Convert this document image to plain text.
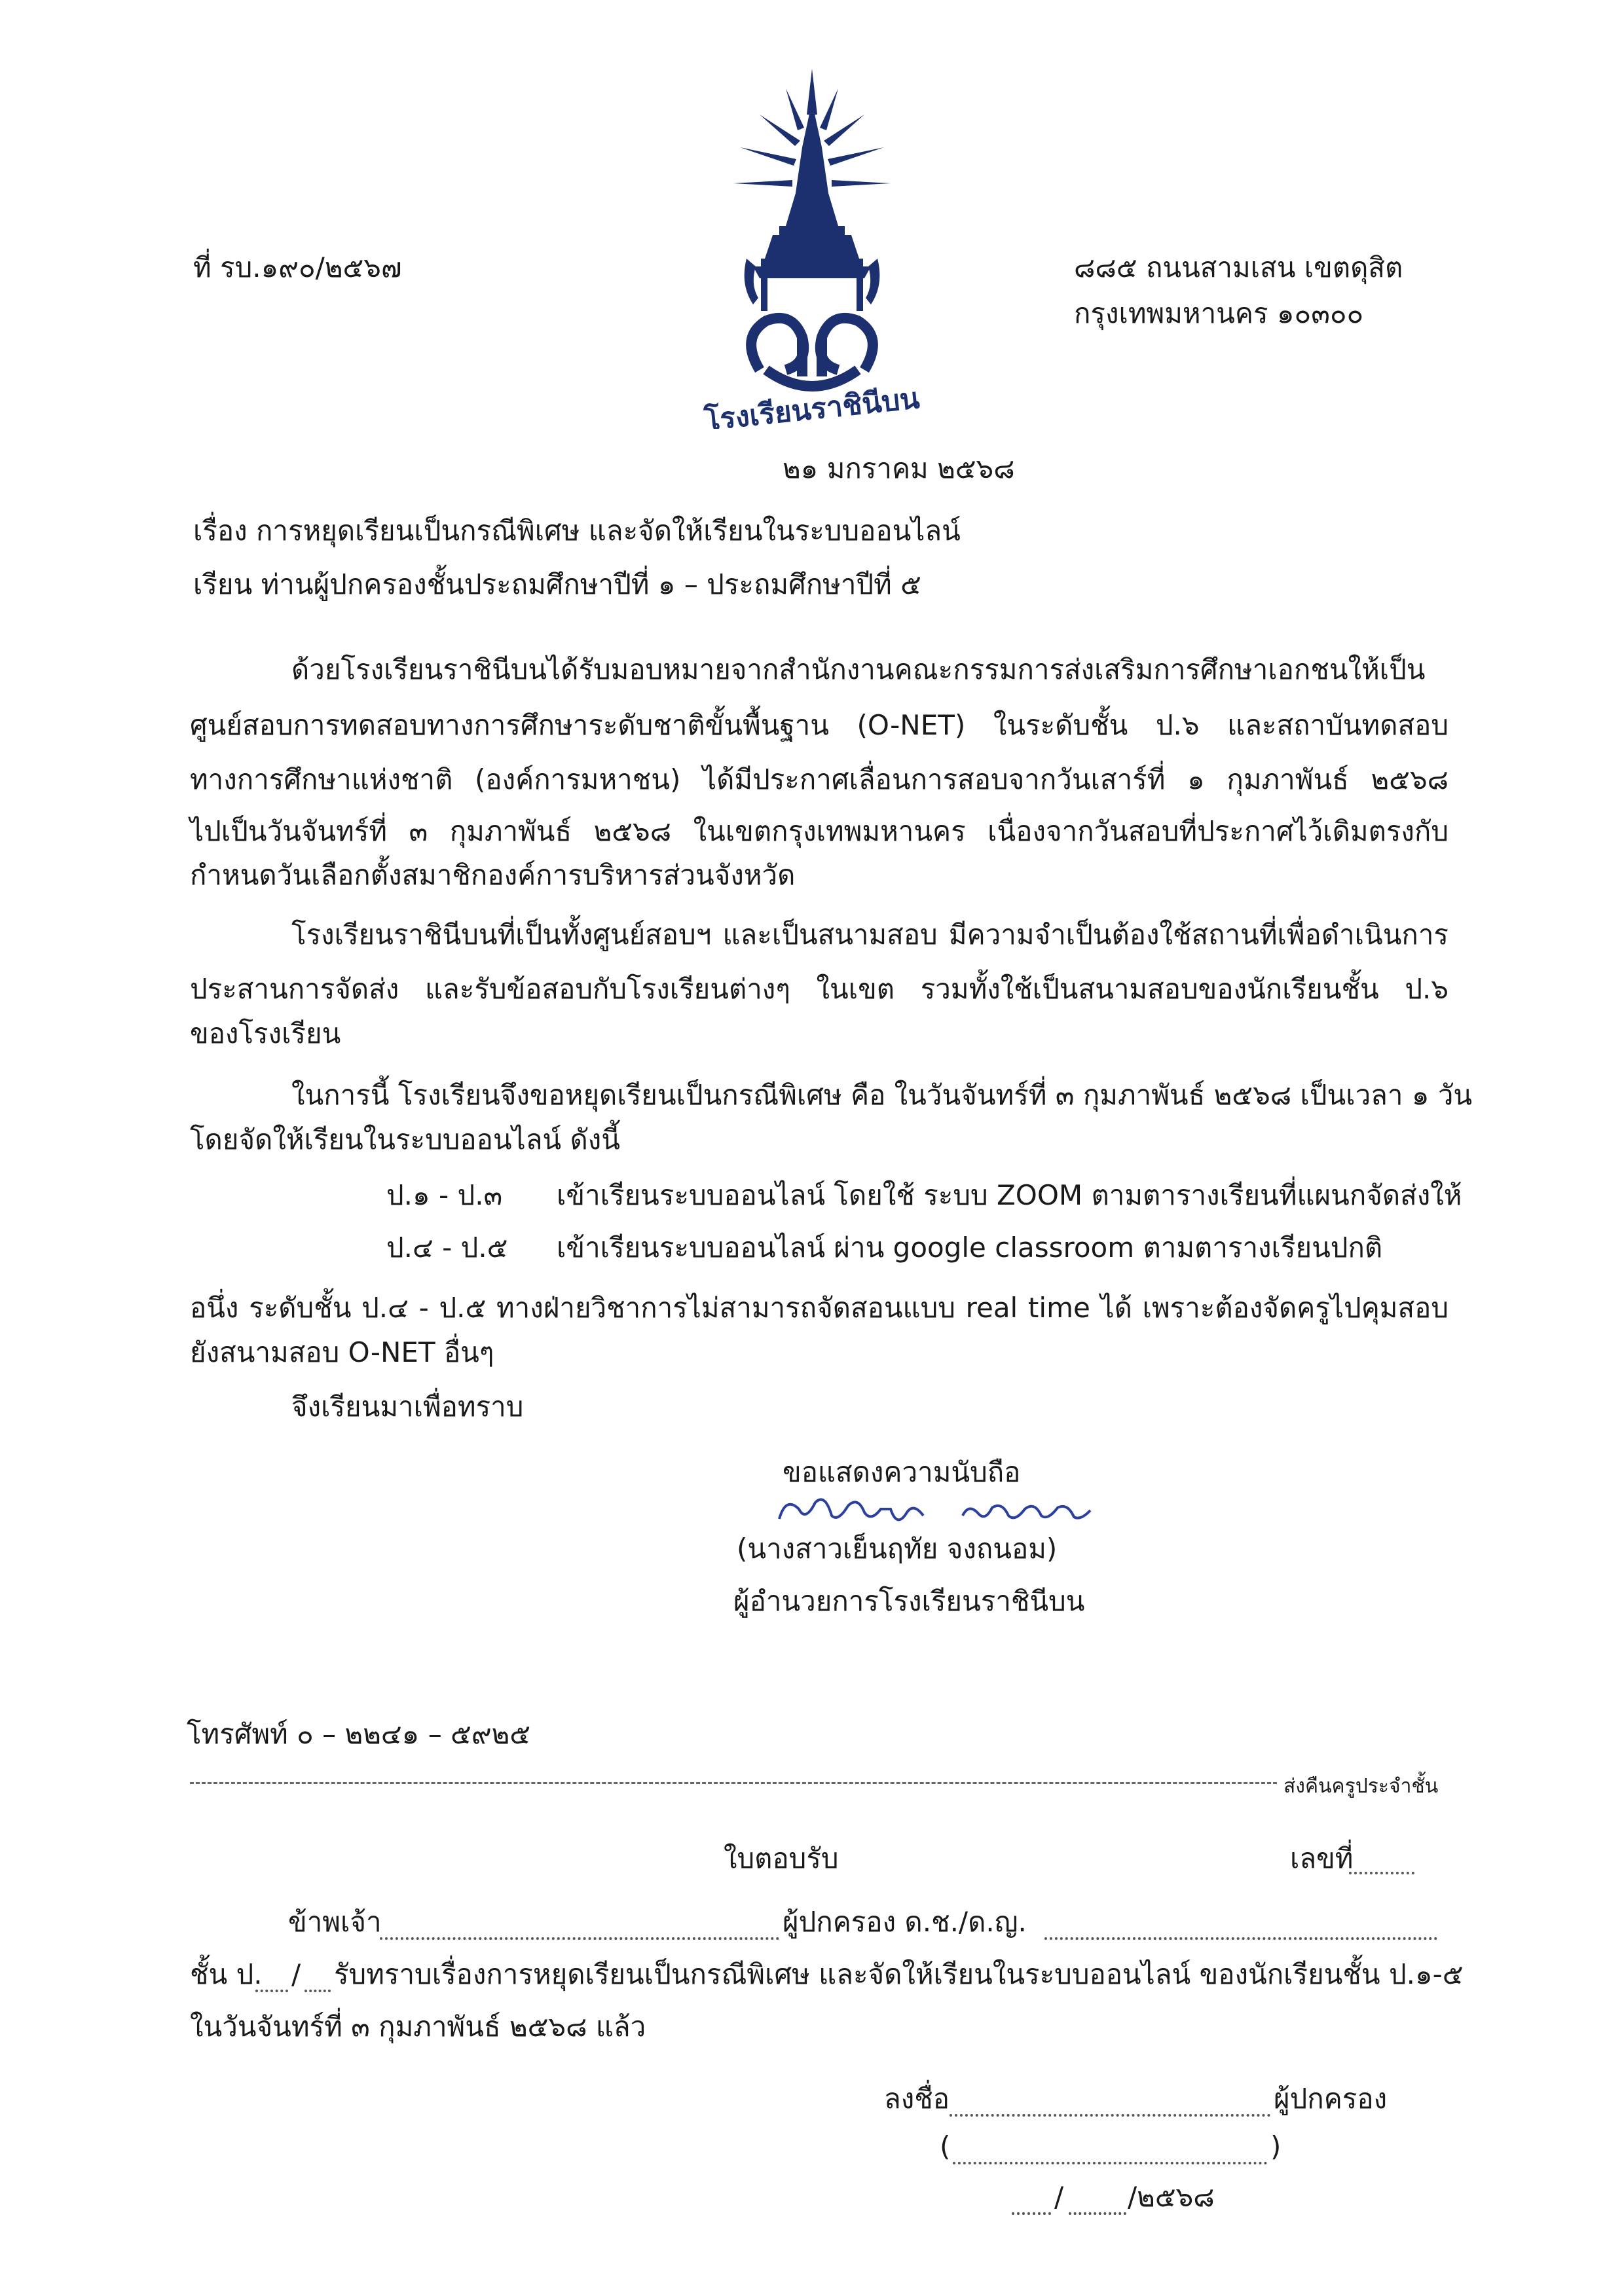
โรงเรียนราชินีบน
ที่ รบ.๑๙๐/๒๕๖๗	๘๘๕ ถนนสามเสน เขตดุสิต
กรุงเทพมหานคร ๑๐๓๐๐
๒๑ มกราคม ๒๕๖๘
เรื่อง การหยุดเรียนเป็นกรณีพิเศษ และจัดให้เรียนในระบบออนไลน์
เรียน ท่านผู้ปกครองชั้นประถมศึกษาปีที่ ๑ – ประถมศึกษาปีที่ ๕
ด้วยโรงเรียนราชินีบนได้รับมอบหมายจากสำนักงานคณะกรรมการส่งเสริมการศึกษาเอกชนให้เป็น
ศูนย์สอบการทดสอบทางการศึกษาระดับชาติขั้นพื้นฐาน (O-NET) ในระดับชั้น ป.๖ และสถาบันทดสอบ
ทางการศึกษาแห่งชาติ (องค์การมหาชน) ได้มีประกาศเลื่อนการสอบจากวันเสาร์ที่ ๑ กุมภาพันธ์ ๒๕๖๘
ไปเป็นวันจันทร์ที่ ๓ กุมภาพันธ์ ๒๕๖๘ ในเขตกรุงเทพมหานคร เนื่องจากวันสอบที่ประกาศไว้เดิมตรงกับ
กำหนดวันเลือกตั้งสมาชิกองค์การบริหารส่วนจังหวัด
โรงเรียนราชินีบนที่เป็นทั้งศูนย์สอบฯ และเป็นสนามสอบ มีความจำเป็นต้องใช้สถานที่เพื่อดำเนินการ
ประสานการจัดส่ง และรับข้อสอบกับโรงเรียนต่างๆ ในเขต รวมทั้งใช้เป็นสนามสอบของนักเรียนชั้น ป.๖
ของโรงเรียน
ในการนี้ โรงเรียนจึงขอหยุดเรียนเป็นกรณีพิเศษ คือ ในวันจันทร์ที่ ๓ กุมภาพันธ์ ๒๕๖๘ เป็นเวลา ๑ วัน
โดยจัดให้เรียนในระบบออนไลน์ ดังนี้
ป.๑ - ป.๓ เข้าเรียนระบบออนไลน์ โดยใช้ ระบบ ZOOM ตามตารางเรียนที่แผนกจัดส่งให้
ป.๔ - ป.๕ เข้าเรียนระบบออนไลน์ ผ่าน google classroom ตามตารางเรียนปกติ
อนึ่ง ระดับชั้น ป.๔ - ป.๕ ทางฝ่ายวิชาการไม่สามารถจัดสอนแบบ real time ได้ เพราะต้องจัดครูไปคุมสอบ
ยังสนามสอบ O-NET อื่นๆ
จึงเรียนมาเพื่อทราบ
ขอแสดงความนับถือ
เย็นฤทัย จงถนอม
(นางสาวเย็นฤทัย จงถนอม)
ผู้อำนวยการโรงเรียนราชินีบน
โทรศัพท์ ๐ – ๒๒๔๑ – ๕๙๒๕
ส่งคืนครูประจำชั้น
ใบตอบรับ	เลขที่
ข้าพเจ้า	ผู้ปกครอง ด.ช./ด.ญ.
ชั้น ป. / รับทราบเรื่องการหยุดเรียนเป็นกรณีพิเศษ และจัดให้เรียนในระบบออนไลน์ ของนักเรียนชั้น ป.๑-๕
ในวันจันทร์ที่ ๓ กุมภาพันธ์ ๒๕๖๘ แล้ว
ลงชื่อ	ผู้ปกครอง
(	)
/ /๒๕๖๘
